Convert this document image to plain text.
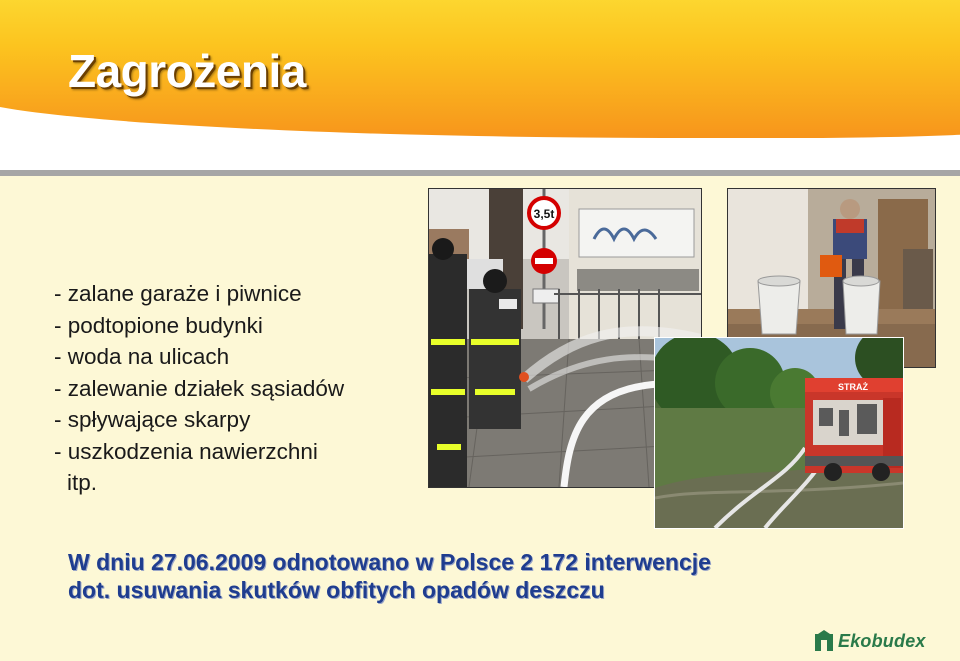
Zagrożenia
- zalane garaże i piwnice
- podtopione budynki
- woda na ulicach
- zalewanie działek sąsiadów
- spływające skarpy
- uszkodzenia nawierzchni
itp.
3,5t
STRAŻ

W dniu 27.06.2009 odnotowano w Polsce 2 172 interwencje
dot. usuwania skutków obfitych opadów deszczu

Ekobudex
